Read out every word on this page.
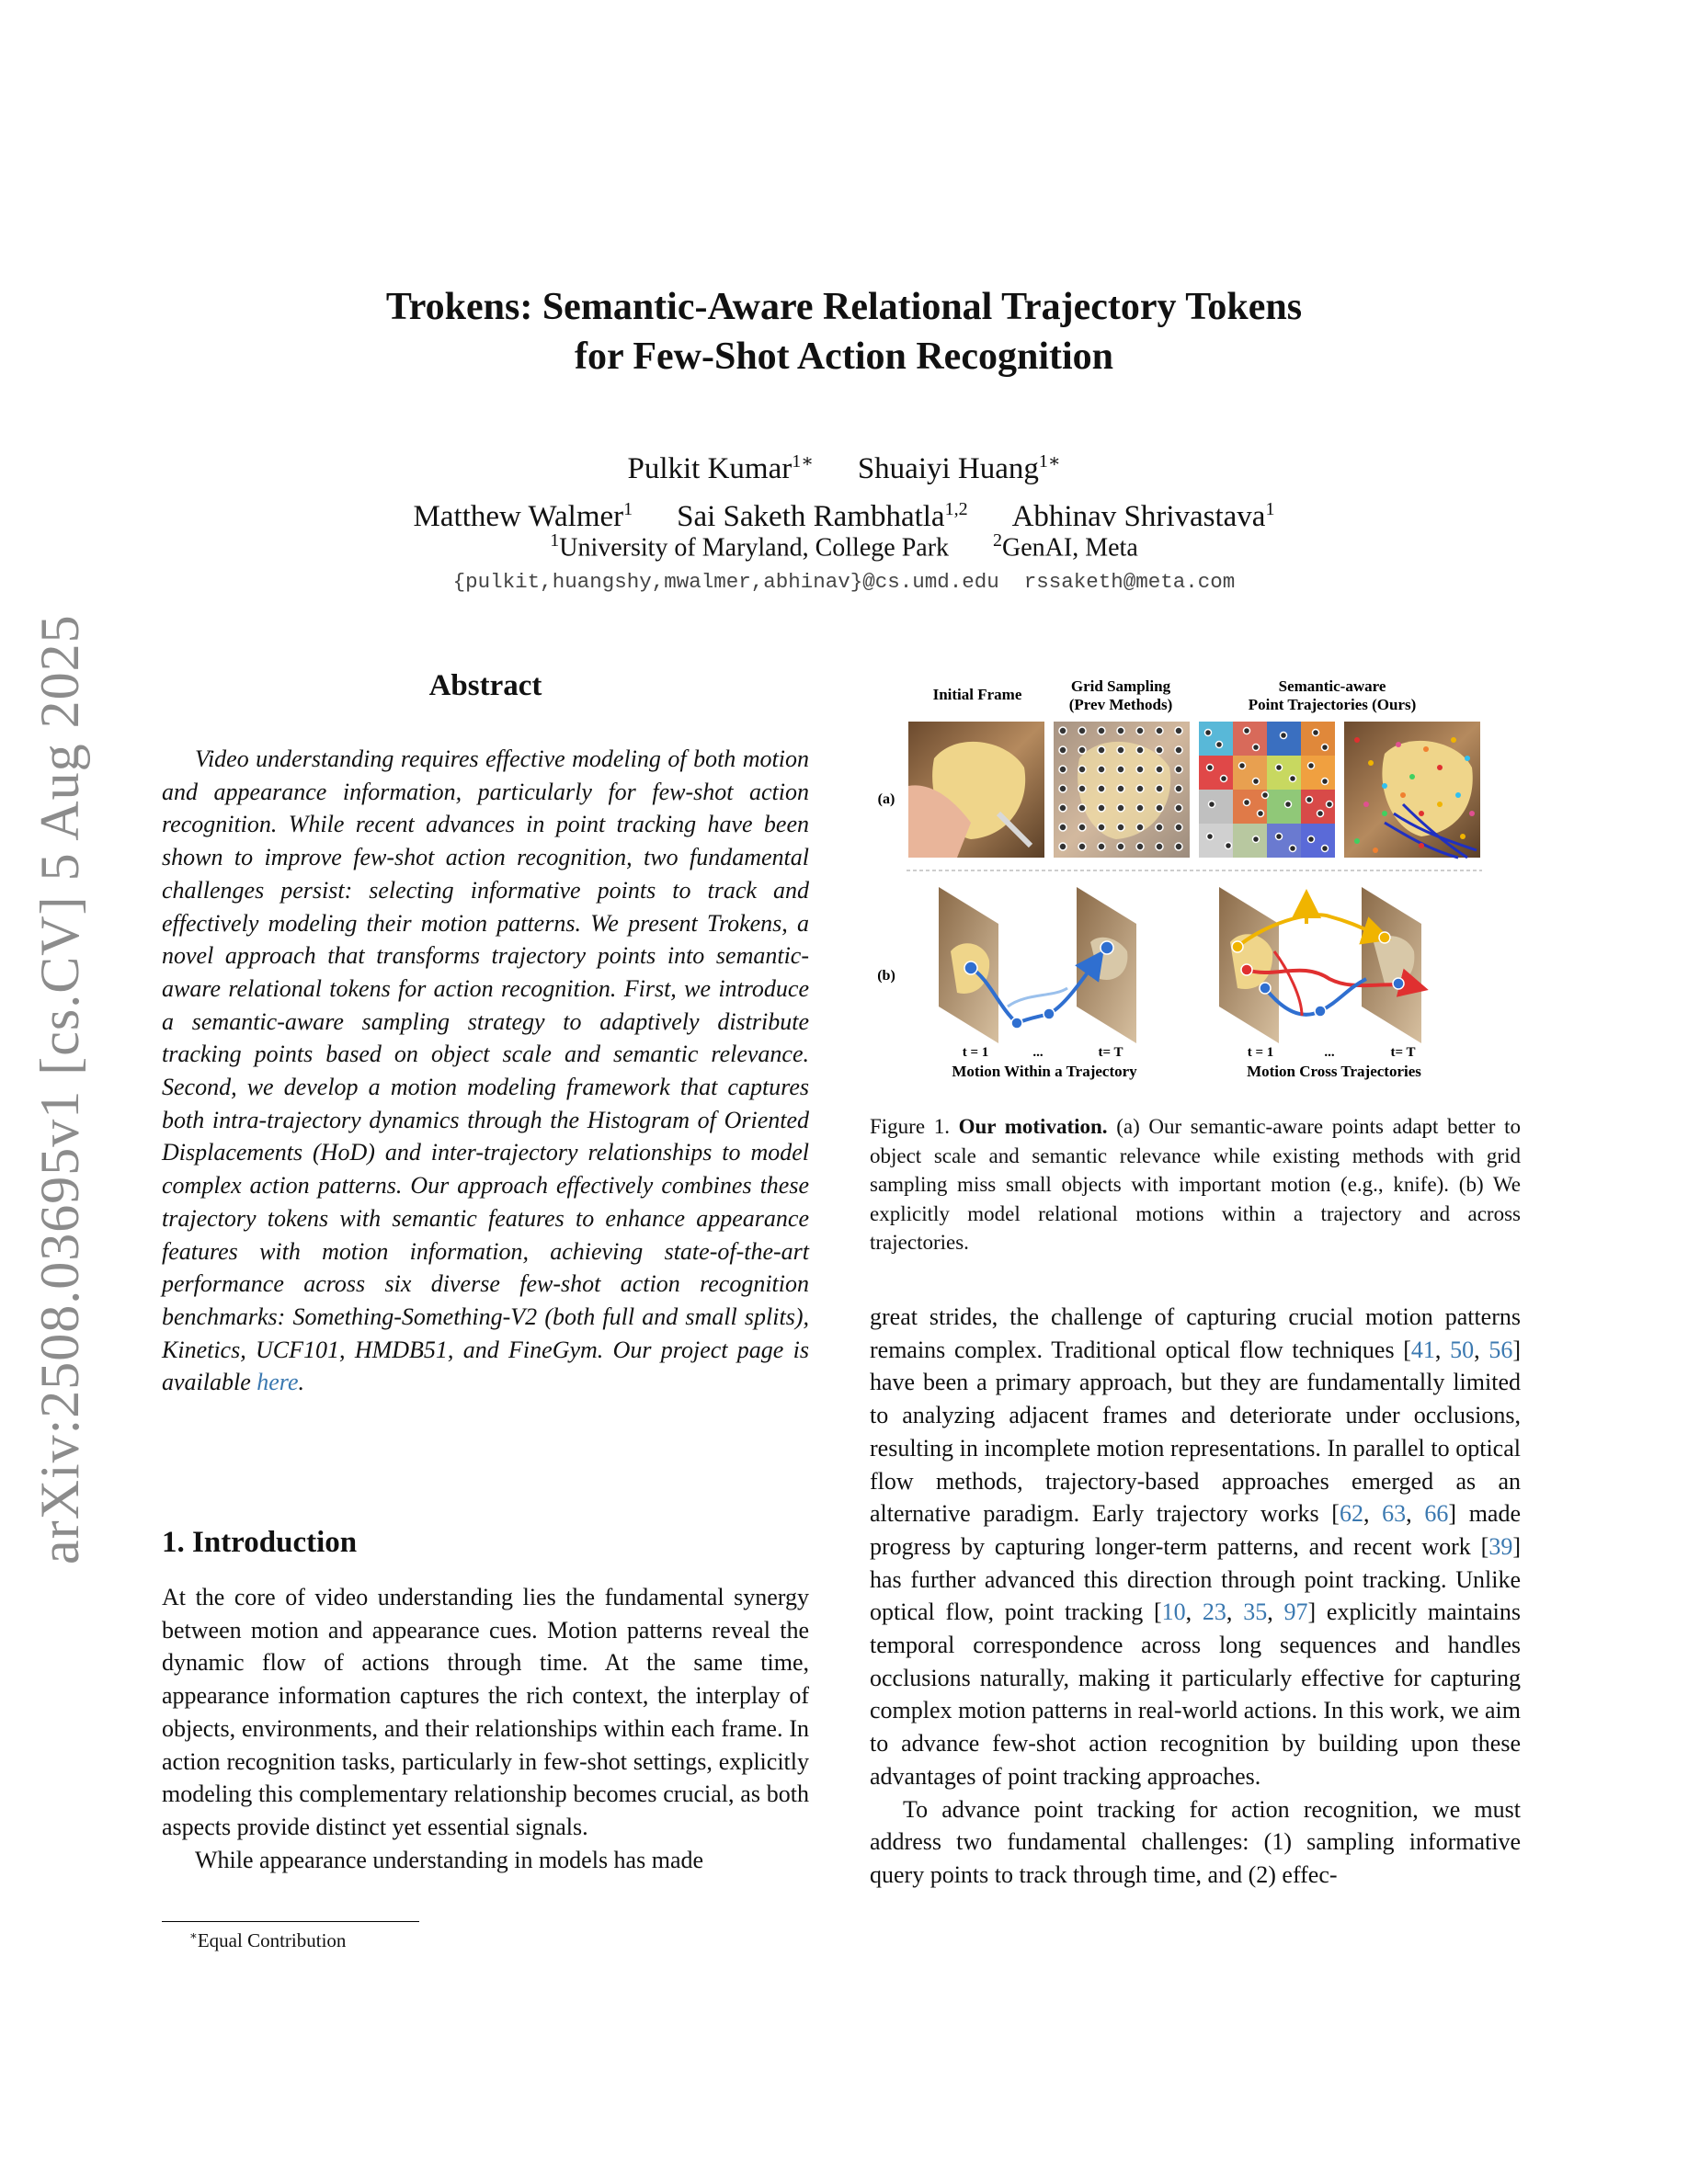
arXiv:2508.03695v1 [cs.CV] 5 Aug 2025
Trokens: Semantic-Aware Relational Trajectory Tokens
for Few-Shot Action Recognition
Pulkit Kumar$^{1∗}$ Shuaiyi Huang$^{1∗}$
Matthew Walmer$^1$ Sai Saketh Rambhatla$^{1,2}$ Abhinav Shrivastava$^1$
$^1$University of Maryland, College Park $^2$GenAI, Meta
{pulkit,huangshy,mwalmer,abhinav}@cs.umd.edu  rssaketh@meta.com
Abstract

Video understanding requires effective modeling of both motion and appearance information, particularly for few-shot action recognition. While recent advances in point tracking have been shown to improve few-shot action recognition, two fundamental challenges persist: selecting informative points to track and effectively modeling their motion patterns. We present Trokens, a novel approach that transforms trajectory points into semantic-aware relational tokens for action recognition. First, we introduce a semantic-aware sampling strategy to adaptively distribute tracking points based on object scale and semantic relevance. Second, we develop a motion modeling framework that captures both intra-trajectory dynamics through the Histogram of Oriented Displacements (HoD) and inter-trajectory relationships to model complex action patterns. Our approach effectively combines these trajectory tokens with semantic features to enhance appearance features with motion information, achieving state-of-the-art performance across six diverse few-shot action recognition benchmarks: Something-Something-V2 (both full and small splits), Kinetics, UCF101, HMDB51, and FineGym. Our project page is available here.

1. Introduction

At the core of video understanding lies the fundamental synergy between motion and appearance cues. Motion patterns reveal the dynamic flow of actions through time. At the same time, appearance information captures the rich context, the interplay of objects, environments, and their relationships within each frame. In action recognition tasks, particularly in few-shot settings, explicitly modeling this complementary relationship becomes crucial, as both aspects provide distinct yet essential signals.

While appearance understanding in models has made

∗Equal Contribution
Initial Frame	Grid Sampling
(Prev Methods)
Semantic-aware
Point Trajectories (Ours)
(a)
(b)
t = 1	...	t= T	t = 1	...	t= T
Motion Within a Trajectory	Motion Cross Trajectories

Figure 1. Our motivation. (a) Our semantic-aware points adapt better to object scale and semantic relevance while existing methods with grid sampling miss small objects with important motion (e.g., knife). (b) We explicitly model relational motions within a trajectory and across trajectories.

great strides, the challenge of capturing crucial motion patterns remains complex. Traditional optical flow techniques [41, 50, 56] have been a primary approach, but they are fundamentally limited to analyzing adjacent frames and deteriorate under occlusions, resulting in incomplete motion representations. In parallel to optical flow methods, trajectory-based approaches emerged as an alternative paradigm. Early trajectory works [62, 63, 66] made progress by capturing longer-term patterns, and recent work [39] has further advanced this direction through point tracking. Unlike optical flow, point tracking [10, 23, 35, 97] explicitly maintains temporal correspondence across long sequences and handles occlusions naturally, making it particularly effective for capturing complex motion patterns in real-world actions. In this work, we aim to advance few-shot action recognition by building upon these advantages of point tracking approaches.

To advance point tracking for action recognition, we must address two fundamental challenges: (1) sampling informative query points to track through time, and (2) effec-
